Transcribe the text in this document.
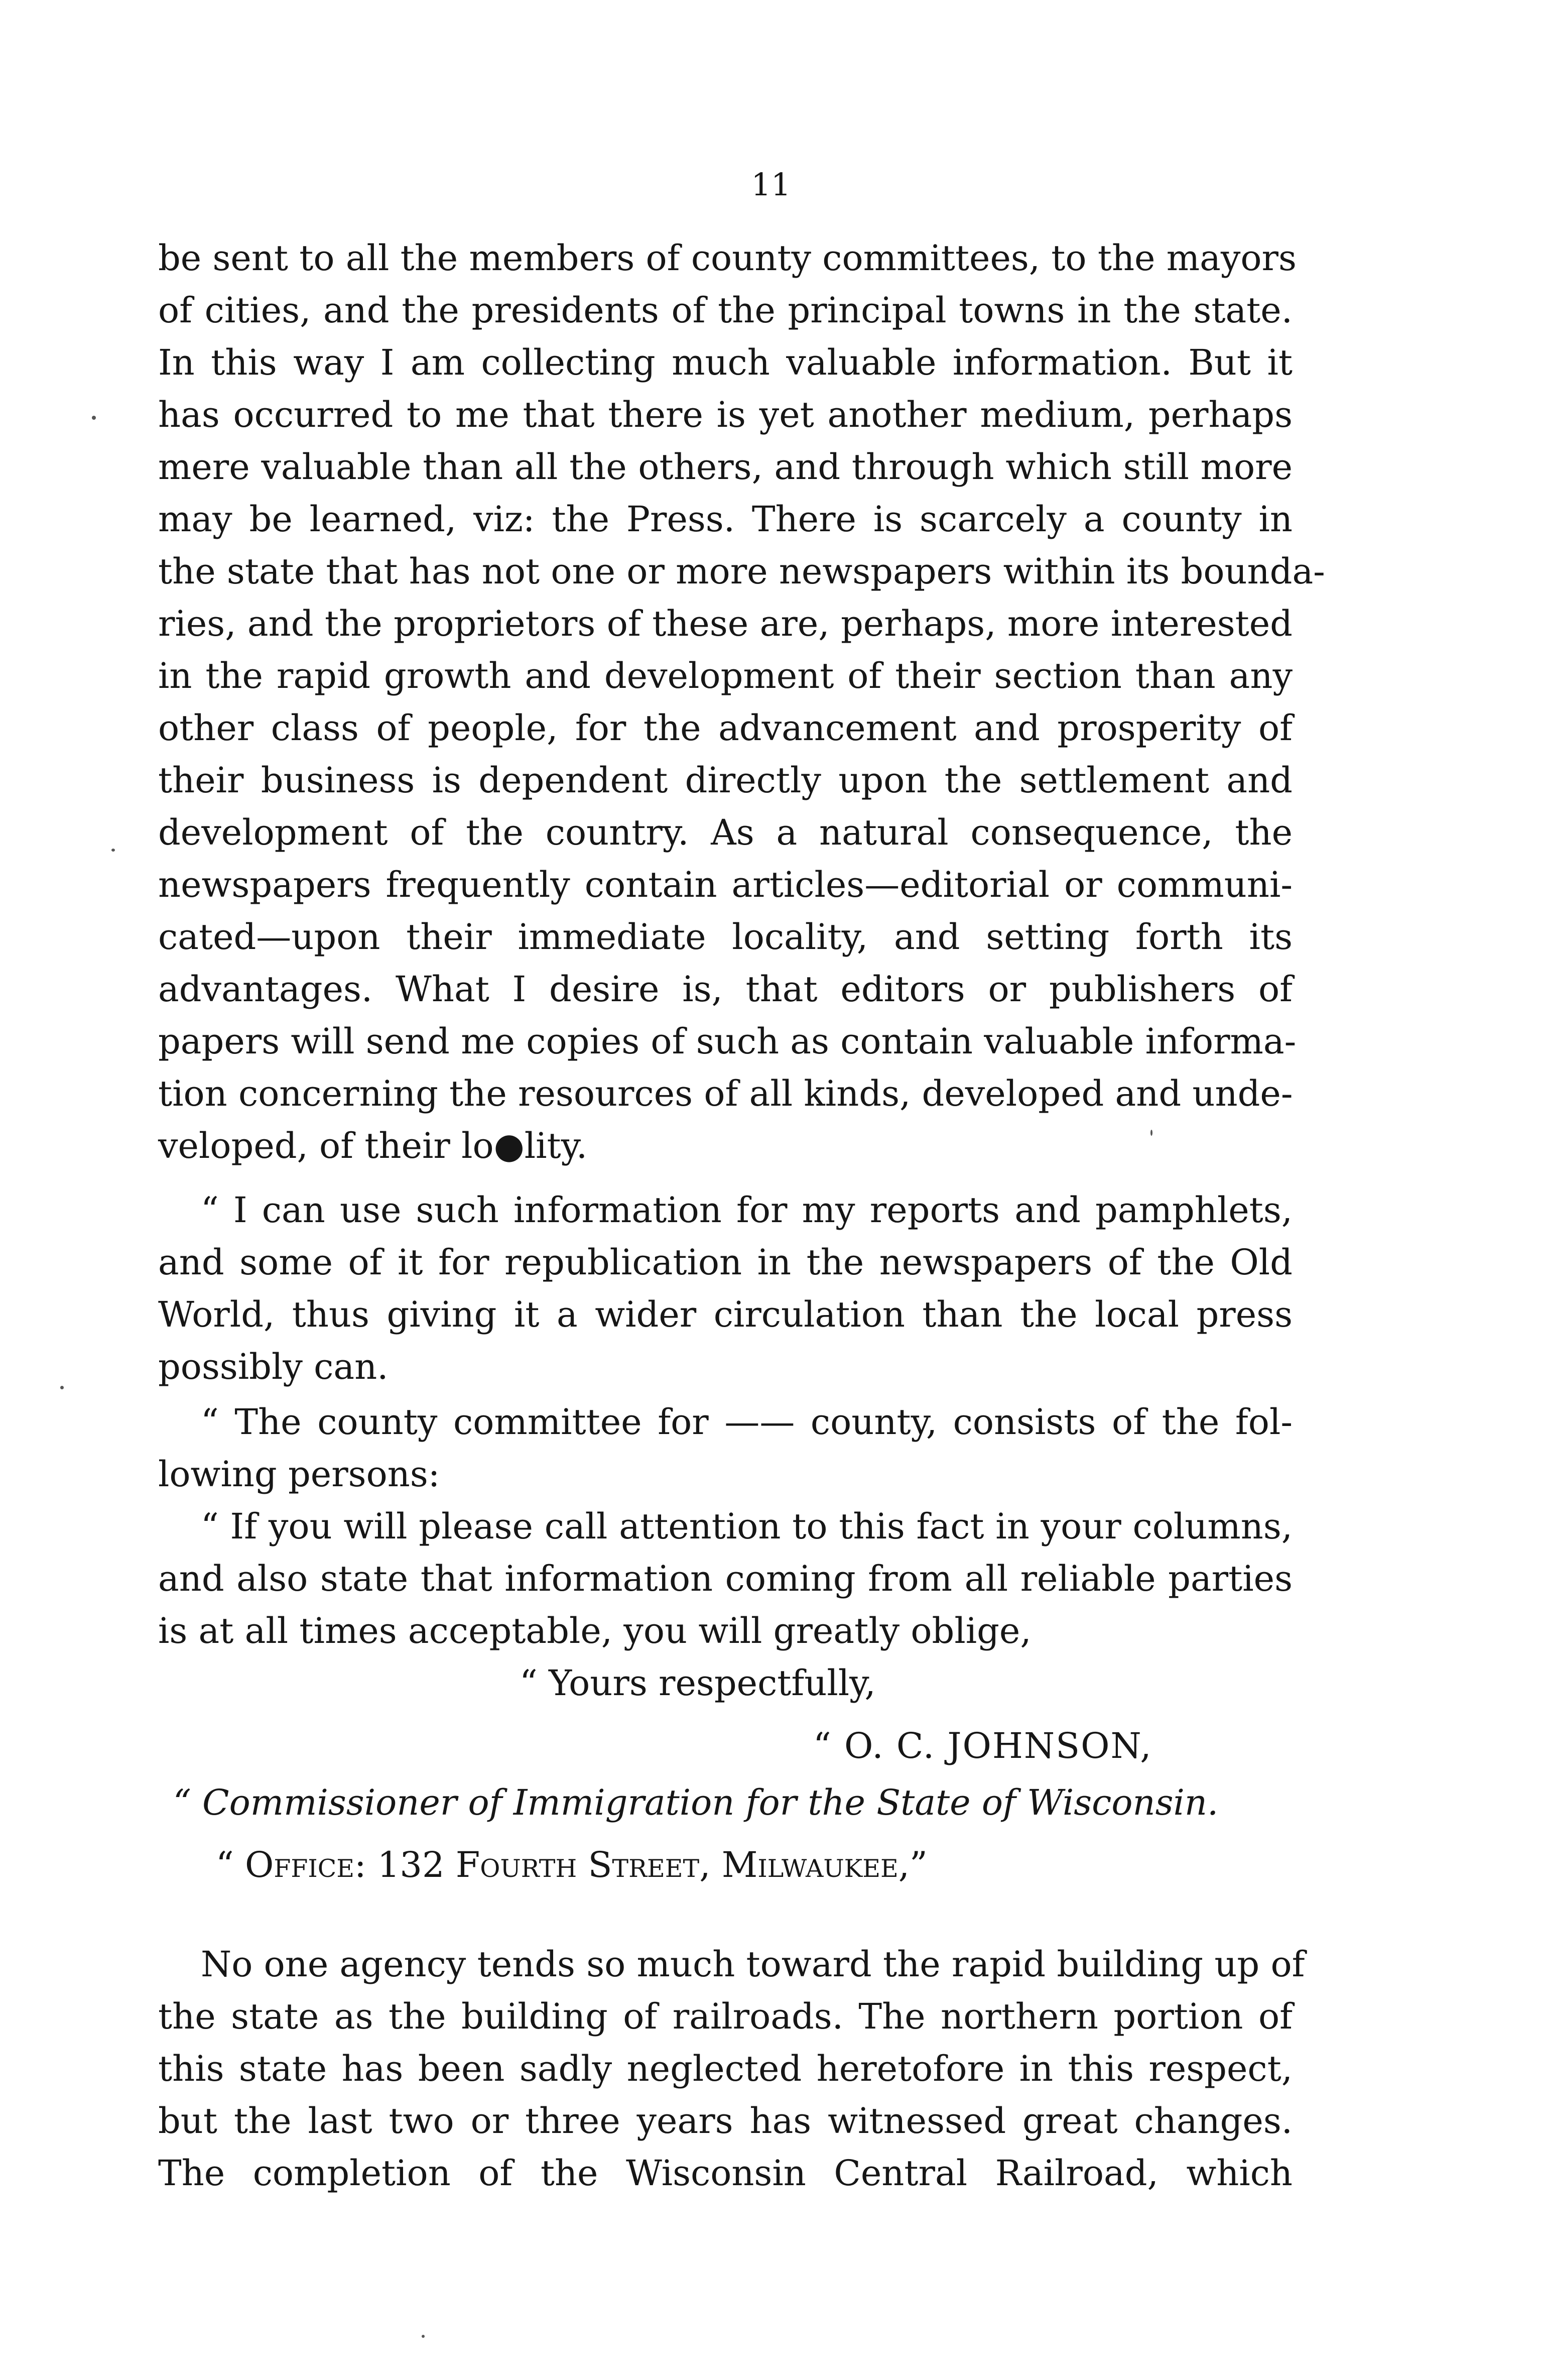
11
be sent to all the members of county committees, to the mayors
of cities, and the presidents of the principal towns in the state.
In this way I am collecting much valuable information. But it
has occurred to me that there is yet another medium, perhaps
mere valuable than all the others, and through which still more
may be learned, viz: the Press. There is scarcely a county in
the state that has not one or more newspapers within its bounda-
ries, and the proprietors of these are, perhaps, more interested
in the rapid growth and development of their section than any
other class of people, for the advancement and prosperity of
their business is dependent directly upon the settlement and
development of the country. As a natural consequence, the
newspapers frequently contain articles—editorial or communi-
cated—upon their immediate locality, and setting forth its
advantages. What I desire is, that editors or publishers of
papers will send me copies of such as contain valuable informa-
tion concerning the resources of all kinds, developed and unde-
veloped, of their lo●lity.
“ I can use such information for my reports and pamphlets,
and some of it for republication in the newspapers of the Old
World, thus giving it a wider circulation than the local press
possibly can.
“ The county committee for —— county, consists of the fol-
lowing persons:
“ If you will please call attention to this fact in your columns,
and also state that information coming from all reliable parties
is at all times acceptable, you will greatly oblige,
“ Yours respectfully,
“ O. C. JOHNSON,
“ Commissioner of Immigration for the State of Wisconsin.
“ Office: 132 Fourth Street, Milwaukee,”
No one agency tends so much toward the rapid building up of
the state as the building of railroads. The northern portion of
this state has been sadly neglected heretofore in this respect,
but the last two or three years has witnessed great changes.
The completion of the Wisconsin Central Railroad, which
